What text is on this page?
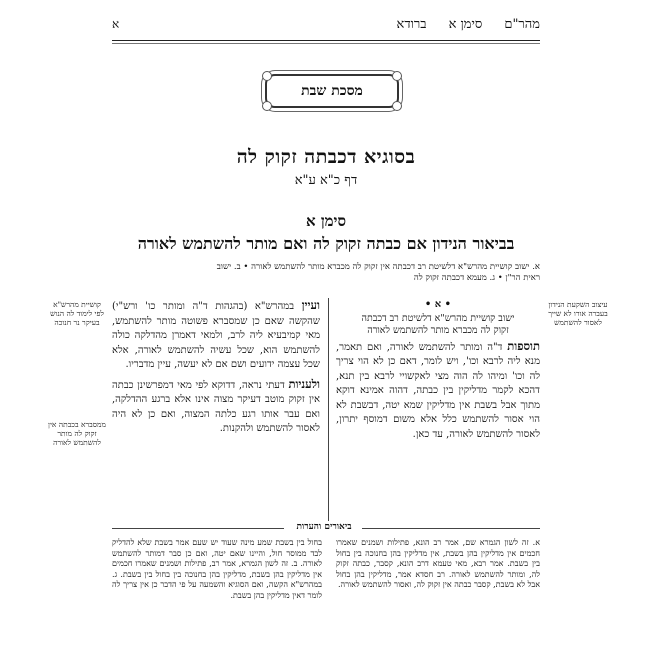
מהר"ם
סימן א
ברודא
א
מסכת שבת
בסוגיא דכבתה זקוק לה
דף כ"א ע"א
סימן א
בביאור הנידון אם כבתה זקוק לה ואם מותר להשתמש לאורה
א. ישוב קושיית מהרש"א דלשיטת רב דכבתה אין זקוק לה מכברא מותר להשתמש לאורה • ב. ישוב
ראית הר"ן • ג. מעמא דכבתה זקוק לה
עיצוב השקעת הנידון בעברה אורו לא שייך לאסור להשתמש
קושיית מהרש"א לפי לימוד לה הנוש בעיקר נר חנוכה
ממסברא בכבתה אין זקוק לה מותר להשתמש לאורה
• א •
ישוב קושיית מהרש"א דלשיטת רב דכבתה
זקוק לה מכברא מותר להשתמש לאורה
תוספות ד"ה ומותר להשתמש לאורה, ואם תאמר, מנא ליה לרבא וכו', ויש לומר, דאם כן לא הוי צריך לה וכו' ומיהו לה הוה מצי לאקשויי לרבא בין תנא, דהכא לקמר מדליקין בין כבתה, דהוה אמינא דוקא מתוך אבל בשבת אין מדליקין שמא יטה, דבשבת לא הוי אסור להשתמש כלל אלא משום דמוסף יתרון, לאסור להשתמש לאורה, עד כאן.
ועיין במהרש"א (בהגהות ד"ה ומותר כו' ורש"י) שהקשה שאם כן שמסברא פשוטה מותר להשתמש, מאי קמיבעיא ליה לרב, ולמאי דאמרן מהדלקה כולה להשתמש הוא, שכל עשיה להשתמש לאורה, אלא שכל עצמה ידועים ושם אם לא יעשה, עיין מדבריו.
ולעניות דעתי נראה, דדוקא לפי מאי דמפרשינן כבתה אין זקוק מוטב דעיקר מצוה אינו אלא ברגע ההדלקה, ואם עבר אותו רגע כלתה המצוה, ואם כן לא היה לאסור להשתמש ולהקנות.
ביאורים והערות
א. זה לשון הגמרא שם, אמר רב הונא, פתילות ושמנים שאמרו חכמים אין מדליקין בהן בשבת, אין מדליקין בהן בחנוכה בין בחול בין בשבת. אמר רבא, מאי טעמא דרב הונא, קסבר, כבתה זקוק לה, ומותר להשתמש לאורה. רב חסדא אמר, מדליקין בהן בחול אבל לא בשבת, קסבר כבתה אין זקוק לה, ואסור להשתמש לאורה.
בחול בין בשבת שמע מינה שעוד יש שעם אמר בשבת שלא להדליק לבד ממוסר חול, והיינו שאם יטה, ואם כן סבר דמותר להשתמש לאורה. ב. זה לשון הגמרא, אמר רב, פתילות ושמנים שאמרו חכמים אין מדליקין בהן בשבת, מדליקין בהן בחנוכה בין בחול בין בשבת. ג. במהרש"א הקשה, ואם הסוגיא והשמעה על פי הדבר כן אין צריך לה לומר דאין מדליקין בהן בשבת.
